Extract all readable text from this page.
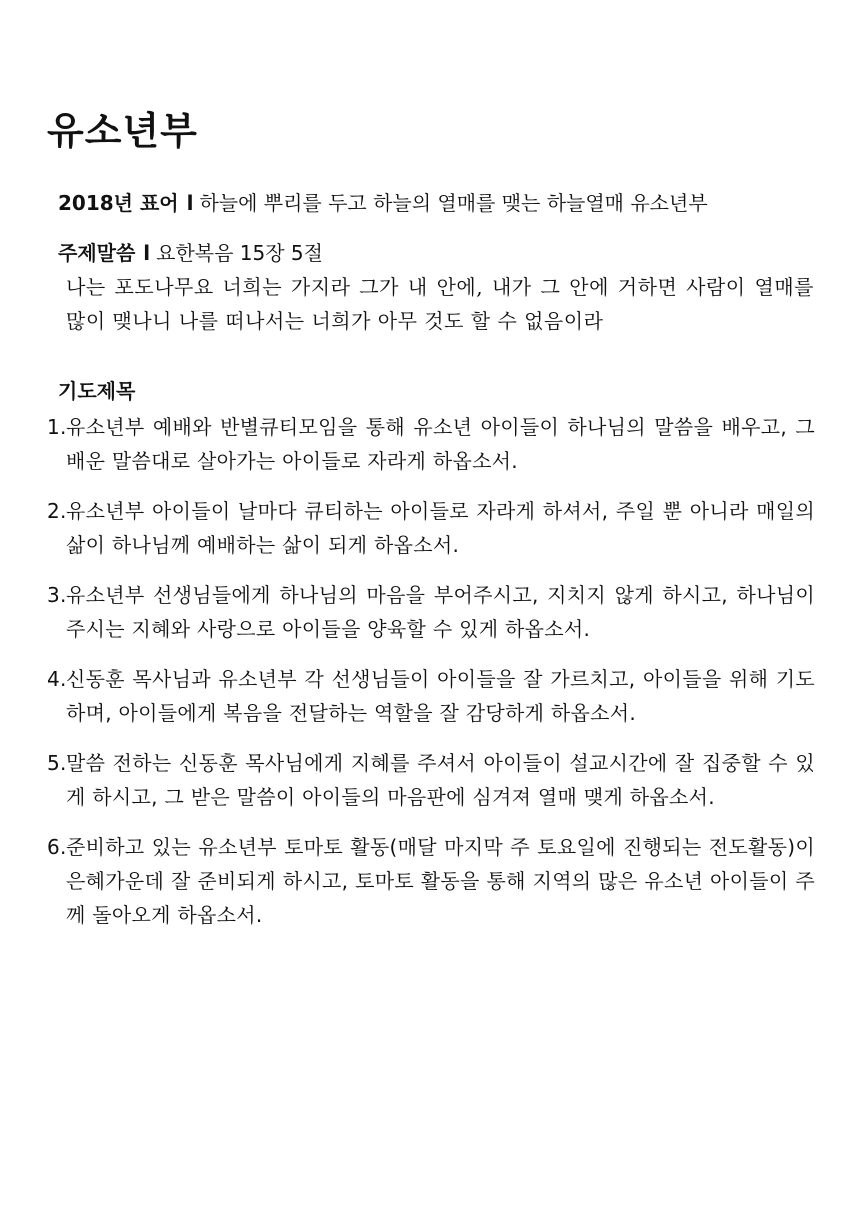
유소년부
2018년 표어 l 하늘에 뿌리를 두고 하늘의 열매를 맺는 하늘열매 유소년부
주제말씀 l 요한복음 15장 5절
나는 포도나무요 너희는 가지라 그가 내 안에, 내가 그 안에 거하면 사람이 열매를 많이 맺나니 나를 떠나서는 너희가 아무 것도 할 수 없음이라
기도제목
1. 유소년부 예배와 반별큐티모임을 통해 유소년 아이들이 하나님의 말씀을 배우고, 그 배운 말씀대로 살아가는 아이들로 자라게 하옵소서.
2. 유소년부 아이들이 날마다 큐티하는 아이들로 자라게 하셔서, 주일 뿐 아니라 매일의 삶이 하나님께 예배하는 삶이 되게 하옵소서.
3. 유소년부 선생님들에게 하나님의 마음을 부어주시고, 지치지 않게 하시고, 하나님이 주시는 지혜와 사랑으로 아이들을 양육할 수 있게 하옵소서.
4. 신동훈 목사님과 유소년부 각 선생님들이 아이들을 잘 가르치고, 아이들을 위해 기도하며, 아이들에게 복음을 전달하는 역할을 잘 감당하게 하옵소서.
5. 말씀 전하는 신동훈 목사님에게 지혜를 주셔서 아이들이 설교시간에 잘 집중할 수 있게 하시고, 그 받은 말씀이 아이들의 마음판에 심겨져 열매 맺게 하옵소서.
6. 준비하고 있는 유소년부 토마토 활동(매달 마지막 주 토요일에 진행되는 전도활동)이 은혜가운데 잘 준비되게 하시고, 토마토 활동을 통해 지역의 많은 유소년 아이들이 주께 돌아오게 하옵소서.
